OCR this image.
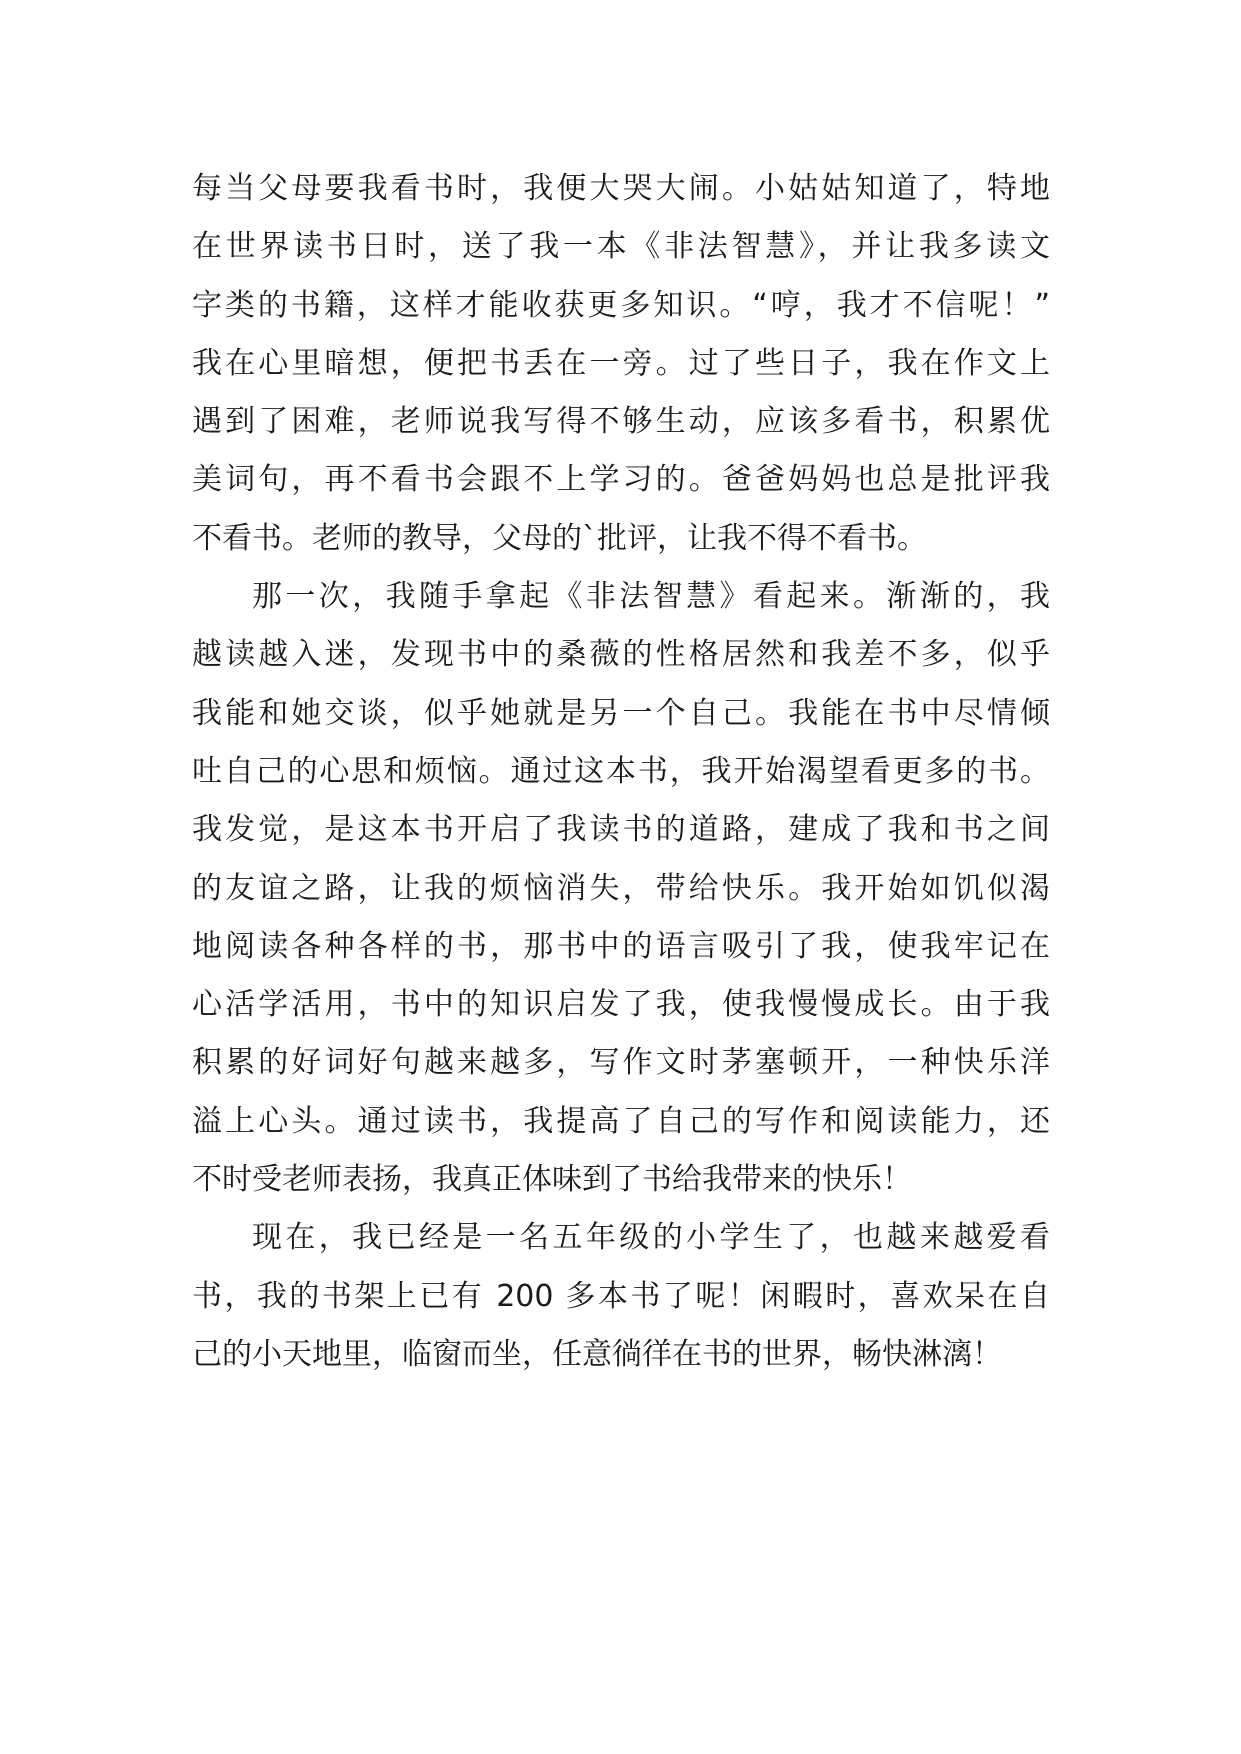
每当父母要我看书时，我便大哭大闹。小姑姑知道了，特地
在世界读书日时，送了我一本《非法智慧》，并让我多读文
字类的书籍，这样才能收获更多知识。“哼，我才不信呢！”
我在心里暗想，便把书丢在一旁。过了些日子，我在作文上
遇到了困难，老师说我写得不够生动，应该多看书，积累优
美词句，再不看书会跟不上学习的。爸爸妈妈也总是批评我
不看书。老师的教导，父母的`批评，让我不得不看书。

那一次，我随手拿起《非法智慧》看起来。渐渐的，我
越读越入迷，发现书中的桑薇的性格居然和我差不多，似乎
我能和她交谈，似乎她就是另一个自己。我能在书中尽情倾
吐自己的心思和烦恼。通过这本书，我开始渴望看更多的书。
我发觉，是这本书开启了我读书的道路，建成了我和书之间
的友谊之路，让我的烦恼消失，带给快乐。我开始如饥似渴
地阅读各种各样的书，那书中的语言吸引了我，使我牢记在
心活学活用，书中的知识启发了我，使我慢慢成长。由于我
积累的好词好句越来越多，写作文时茅塞顿开，一种快乐洋
溢上心头。通过读书，我提高了自己的写作和阅读能力，还
不时受老师表扬，我真正体味到了书给我带来的快乐！

现在，我已经是一名五年级的小学生了，也越来越爱看
书，我的书架上已有 200 多本书了呢！闲暇时，喜欢呆在自
己的小天地里，临窗而坐，任意徜徉在书的世界，畅快淋漓！
